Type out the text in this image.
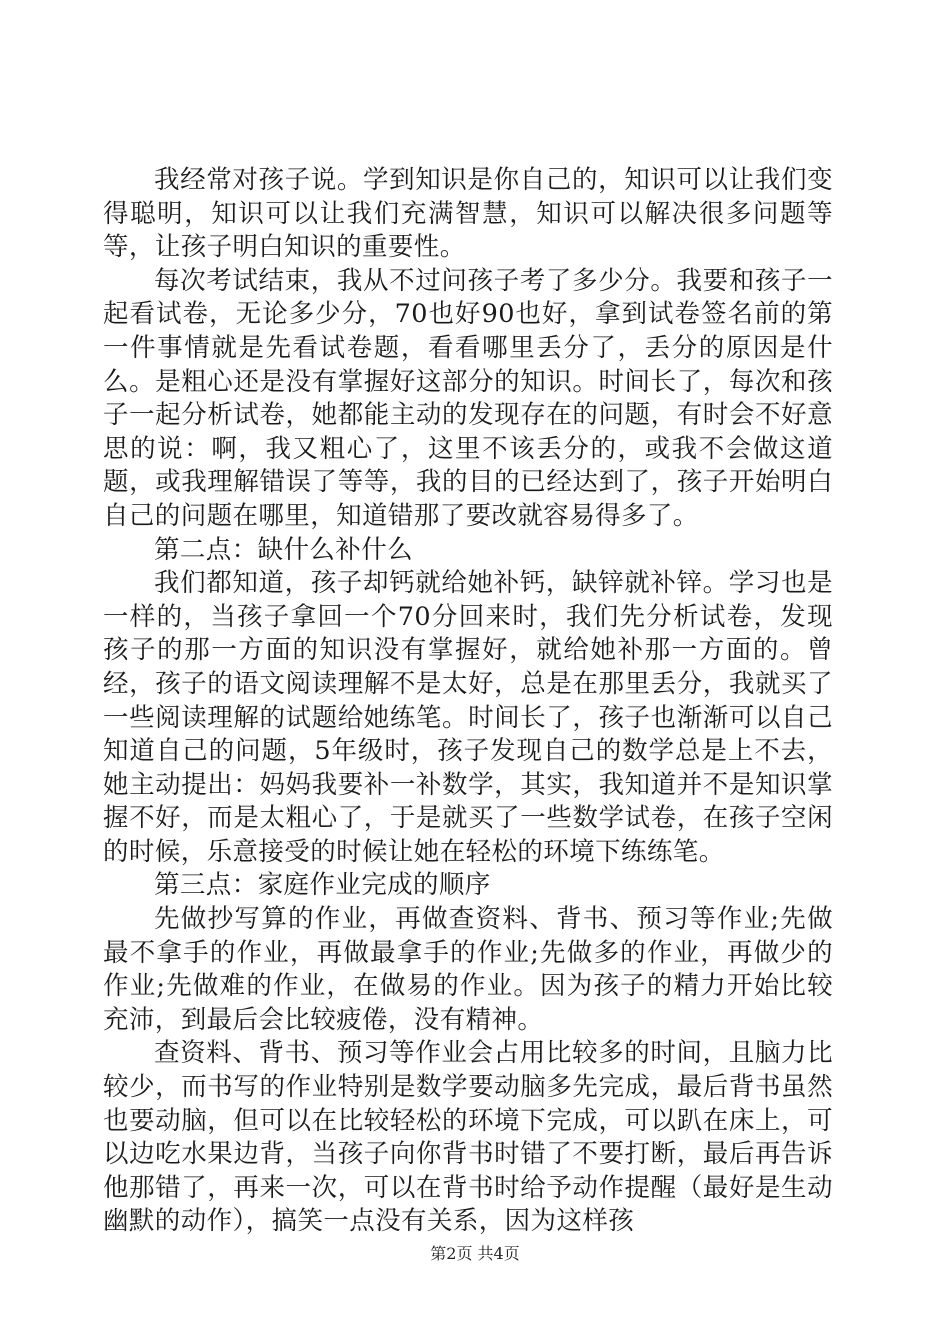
我经常对孩子说。学到知识是你自己的，知识可以让我们变得聪明，知识可以让我们充满智慧，知识可以解决很多问题等等，让孩子明白知识的重要性。

每次考试结束，我从不过问孩子考了多少分。我要和孩子一起看试卷，无论多少分，70也好90也好，拿到试卷签名前的第一件事情就是先看试卷题，看看哪里丢分了，丢分的原因是什么。是粗心还是没有掌握好这部分的知识。时间长了，每次和孩子一起分析试卷，她都能主动的发现存在的问题，有时会不好意思的说：啊，我又粗心了，这里不该丢分的，或我不会做这道题，或我理解错误了等等，我的目的已经达到了，孩子开始明白自己的问题在哪里，知道错那了要改就容易得多了。

第二点：缺什么补什么

我们都知道，孩子却钙就给她补钙，缺锌就补锌。学习也是一样的，当孩子拿回一个70分回来时，我们先分析试卷，发现孩子的那一方面的知识没有掌握好，就给她补那一方面的。曾经，孩子的语文阅读理解不是太好，总是在那里丢分，我就买了一些阅读理解的试题给她练笔。时间长了，孩子也渐渐可以自己知道自己的问题，5年级时，孩子发现自己的数学总是上不去，她主动提出：妈妈我要补一补数学，其实，我知道并不是知识掌握不好，而是太粗心了，于是就买了一些数学试卷，在孩子空闲的时候，乐意接受的时候让她在轻松的环境下练练笔。

第三点：家庭作业完成的顺序

先做抄写算的作业，再做查资料、背书、预习等作业;先做最不拿手的作业，再做最拿手的作业;先做多的作业，再做少的作业;先做难的作业，在做易的作业。因为孩子的精力开始比较充沛，到最后会比较疲倦，没有精神。

查资料、背书、预习等作业会占用比较多的时间，且脑力比较少，而书写的作业特别是数学要动脑多先完成，最后背书虽然也要动脑，但可以在比较轻松的环境下完成，可以趴在床上，可以边吃水果边背，当孩子向你背书时错了不要打断，最后再告诉他那错了，再来一次，可以在背书时给予动作提醒（最好是生动幽默的动作），搞笑一点没有关系，因为这样孩

第2页 共4页
